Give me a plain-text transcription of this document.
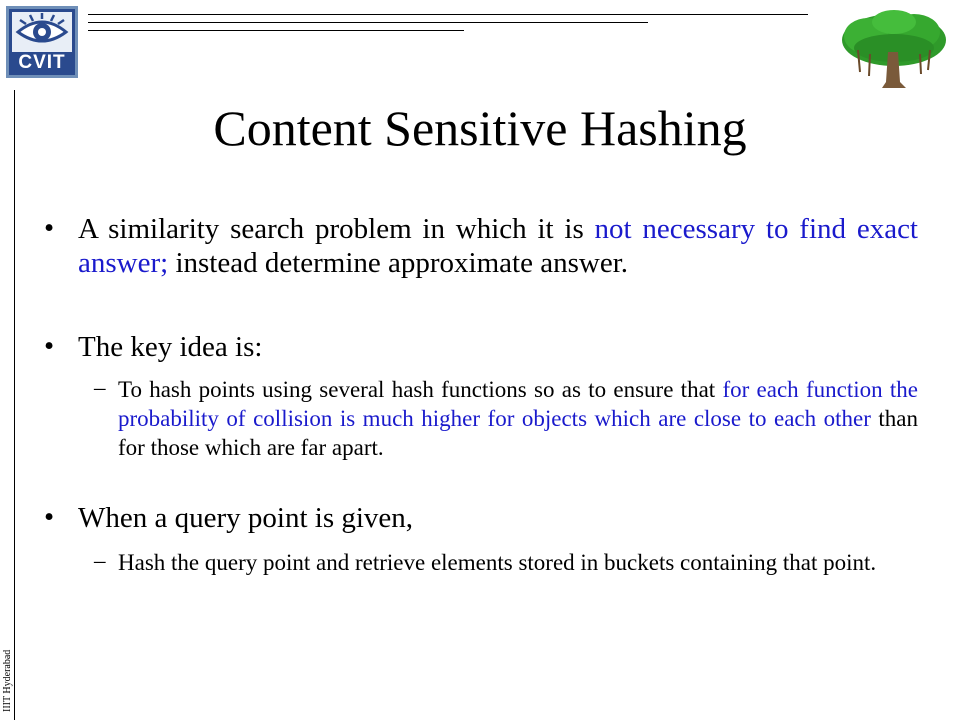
CVIT
IIIT Hyderabad
Content Sensitive Hashing
• A similarity search problem in which it is not necessary to find exact answer; instead determine approximate answer.
• The key idea is:
– To hash points using several hash functions so as to ensure that for each function the probability of collision is much higher for objects which are close to each other than for those which are far apart.
• When a query point is given,
– Hash the query point and retrieve elements stored in buckets containing that point.
